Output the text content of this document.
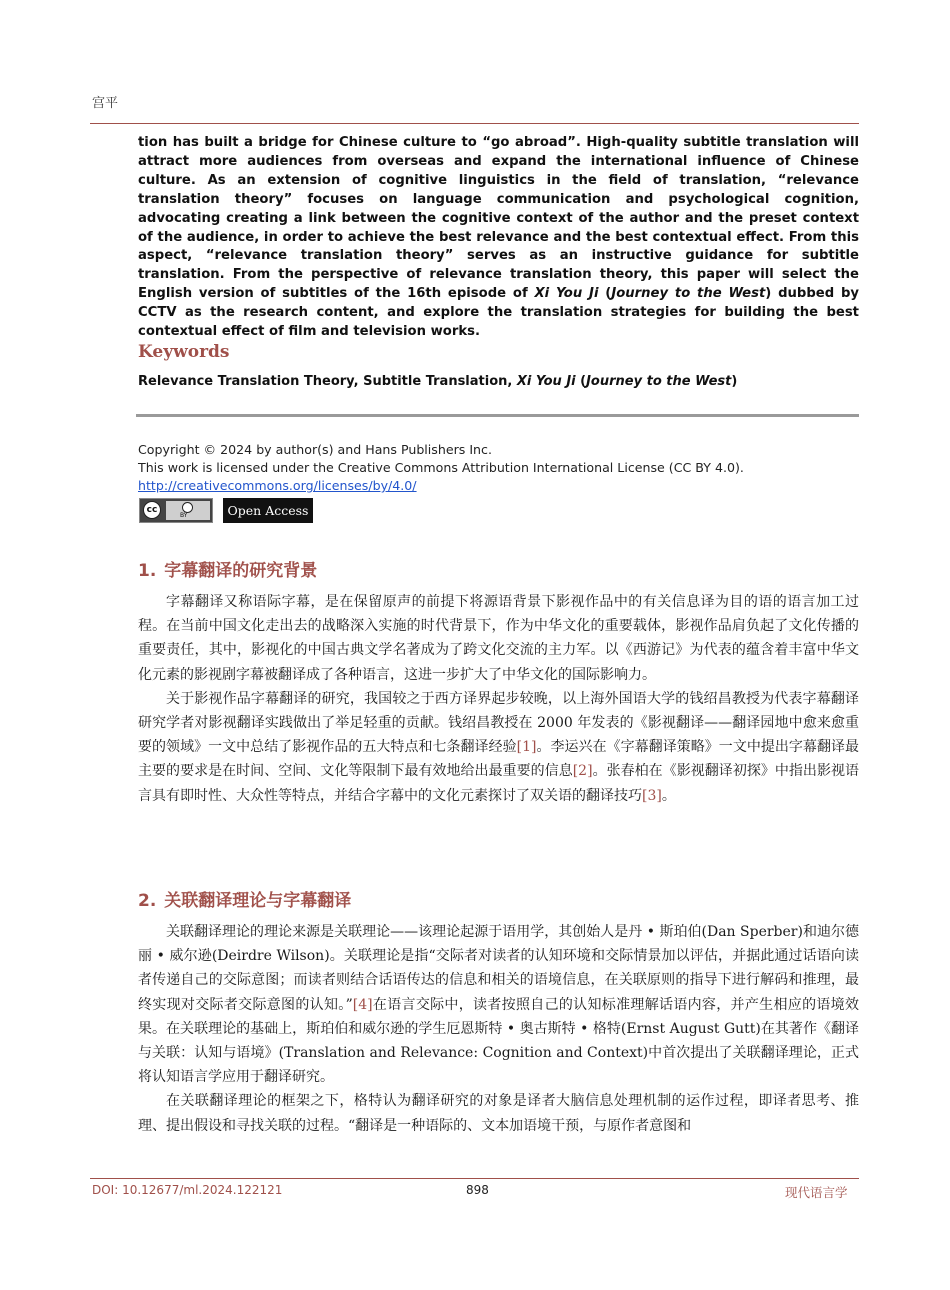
宫平
tion has built a bridge for Chinese culture to “go abroad”. High-quality subtitle translation will attract more audiences from overseas and expand the international influence of Chinese culture. As an extension of cognitive linguistics in the field of translation, “relevance translation theory” focuses on language communication and psychological cognition, advocating creating a link between the cognitive context of the author and the preset context of the audience, in order to achieve the best relevance and the best contextual effect. From this aspect, “relevance translation theory” serves as an instructive guidance for subtitle translation. From the perspective of relevance translation theory, this paper will select the English version of subtitles of the 16th episode of Xi You Ji (Journey to the West) dubbed by CCTV as the research content, and explore the translation strategies for building the best contextual effect of film and television works.
Keywords
Relevance Translation Theory, Subtitle Translation, Xi You Ji (Journey to the West)
Copyright © 2024 by author(s) and Hans Publishers Inc.
This work is licensed under the Creative Commons Attribution International License (CC BY 4.0).
http://creativecommons.org/licenses/by/4.0/
cc
BY	Open Access
1. 字幕翻译的研究背景

字幕翻译又称语际字幕，是在保留原声的前提下将源语背景下影视作品中的有关信息译为目的语的语言加工过程。在当前中国文化走出去的战略深入实施的时代背景下，作为中华文化的重要载体，影视作品肩负起了文化传播的重要责任，其中，影视化的中国古典文学名著成为了跨文化交流的主力军。以《西游记》为代表的蕴含着丰富中华文化元素的影视剧字幕被翻译成了各种语言，这进一步扩大了中华文化的国际影响力。

关于影视作品字幕翻译的研究，我国较之于西方译界起步较晚，以上海外国语大学的钱绍昌教授为代表字幕翻译研究学者对影视翻译实践做出了举足轻重的贡献。钱绍昌教授在 2000 年发表的《影视翻译——翻译园地中愈来愈重要的领域》一文中总结了影视作品的五大特点和七条翻译经验[1]。李运兴在《字幕翻译策略》一文中提出字幕翻译最主要的要求是在时间、空间、文化等限制下最有效地给出最重要的信息[2]。张春柏在《影视翻译初探》中指出影视语言具有即时性、大众性等特点，并结合字幕中的文化元素探讨了双关语的翻译技巧[3]。

2. 关联翻译理论与字幕翻译

关联翻译理论的理论来源是关联理论——该理论起源于语用学，其创始人是丹 • 斯珀伯(Dan Sperber)和迪尔德丽 • 威尔逊(Deirdre Wilson)。关联理论是指“交际者对读者的认知环境和交际情景加以评估，并据此通过话语向读者传递自己的交际意图；而读者则结合话语传达的信息和相关的语境信息，在关联原则的指导下进行解码和推理，最终实现对交际者交际意图的认知。”[4]在语言交际中，读者按照自己的认知标准理解话语内容，并产生相应的语境效果。在关联理论的基础上，斯珀伯和威尔逊的学生厄恩斯特 • 奥古斯特 • 格特(Ernst August Gutt)在其著作《翻译与关联：认知与语境》(Translation and Relevance: Cognition and Context)中首次提出了关联翻译理论，正式将认知语言学应用于翻译研究。

在关联翻译理论的框架之下，格特认为翻译研究的对象是译者大脑信息处理机制的运作过程，即译者思考、推理、提出假设和寻找关联的过程。“翻译是一种语际的、文本加语境干预，与原作者意图和

DOI: 10.12677/ml.2024.122121	898	现代语言学
